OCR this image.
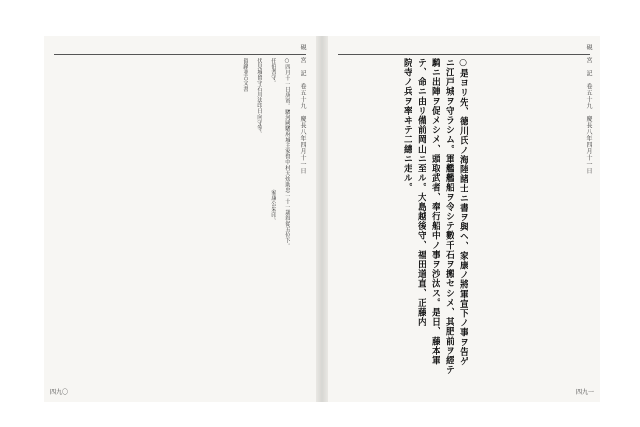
硯　宮　記　卷五十九　慶長八年四月十一日
四九〇
○四月十一日庚寅。駿河國駿府城主家督中村大炊助忠一十一歳叙從五位下。
任伯耆守。　　　　　　　　　　　　　　　　　　　家康公朱印。
伏見城留守石川法印日向守等。
留錄並古文書	硯　宮　記　卷五十九　慶長八年四月十一日
四九一
○是ヨリ先、德川氏ノ海陸諸士ニ書ヲ與ヘ、家康ノ將軍宣下ノ事ヲ告ゲ
ニ江戸城ヲ守ラシム。軍艦艦船ヲ令シテ數千石ヲ搬セシメ、其肥前ヲ經テ
騎ニ出陣ヲ促メシメ、頭取武者、奉行船中ノ事ヲ沙汰ス。是日、藤本軍
テ、命ニ由リ備前岡山ニ至ル。大島越後守、福田道直、正藤内
院寺ノ兵ヲ率ヰテ二總ニ走ル。
